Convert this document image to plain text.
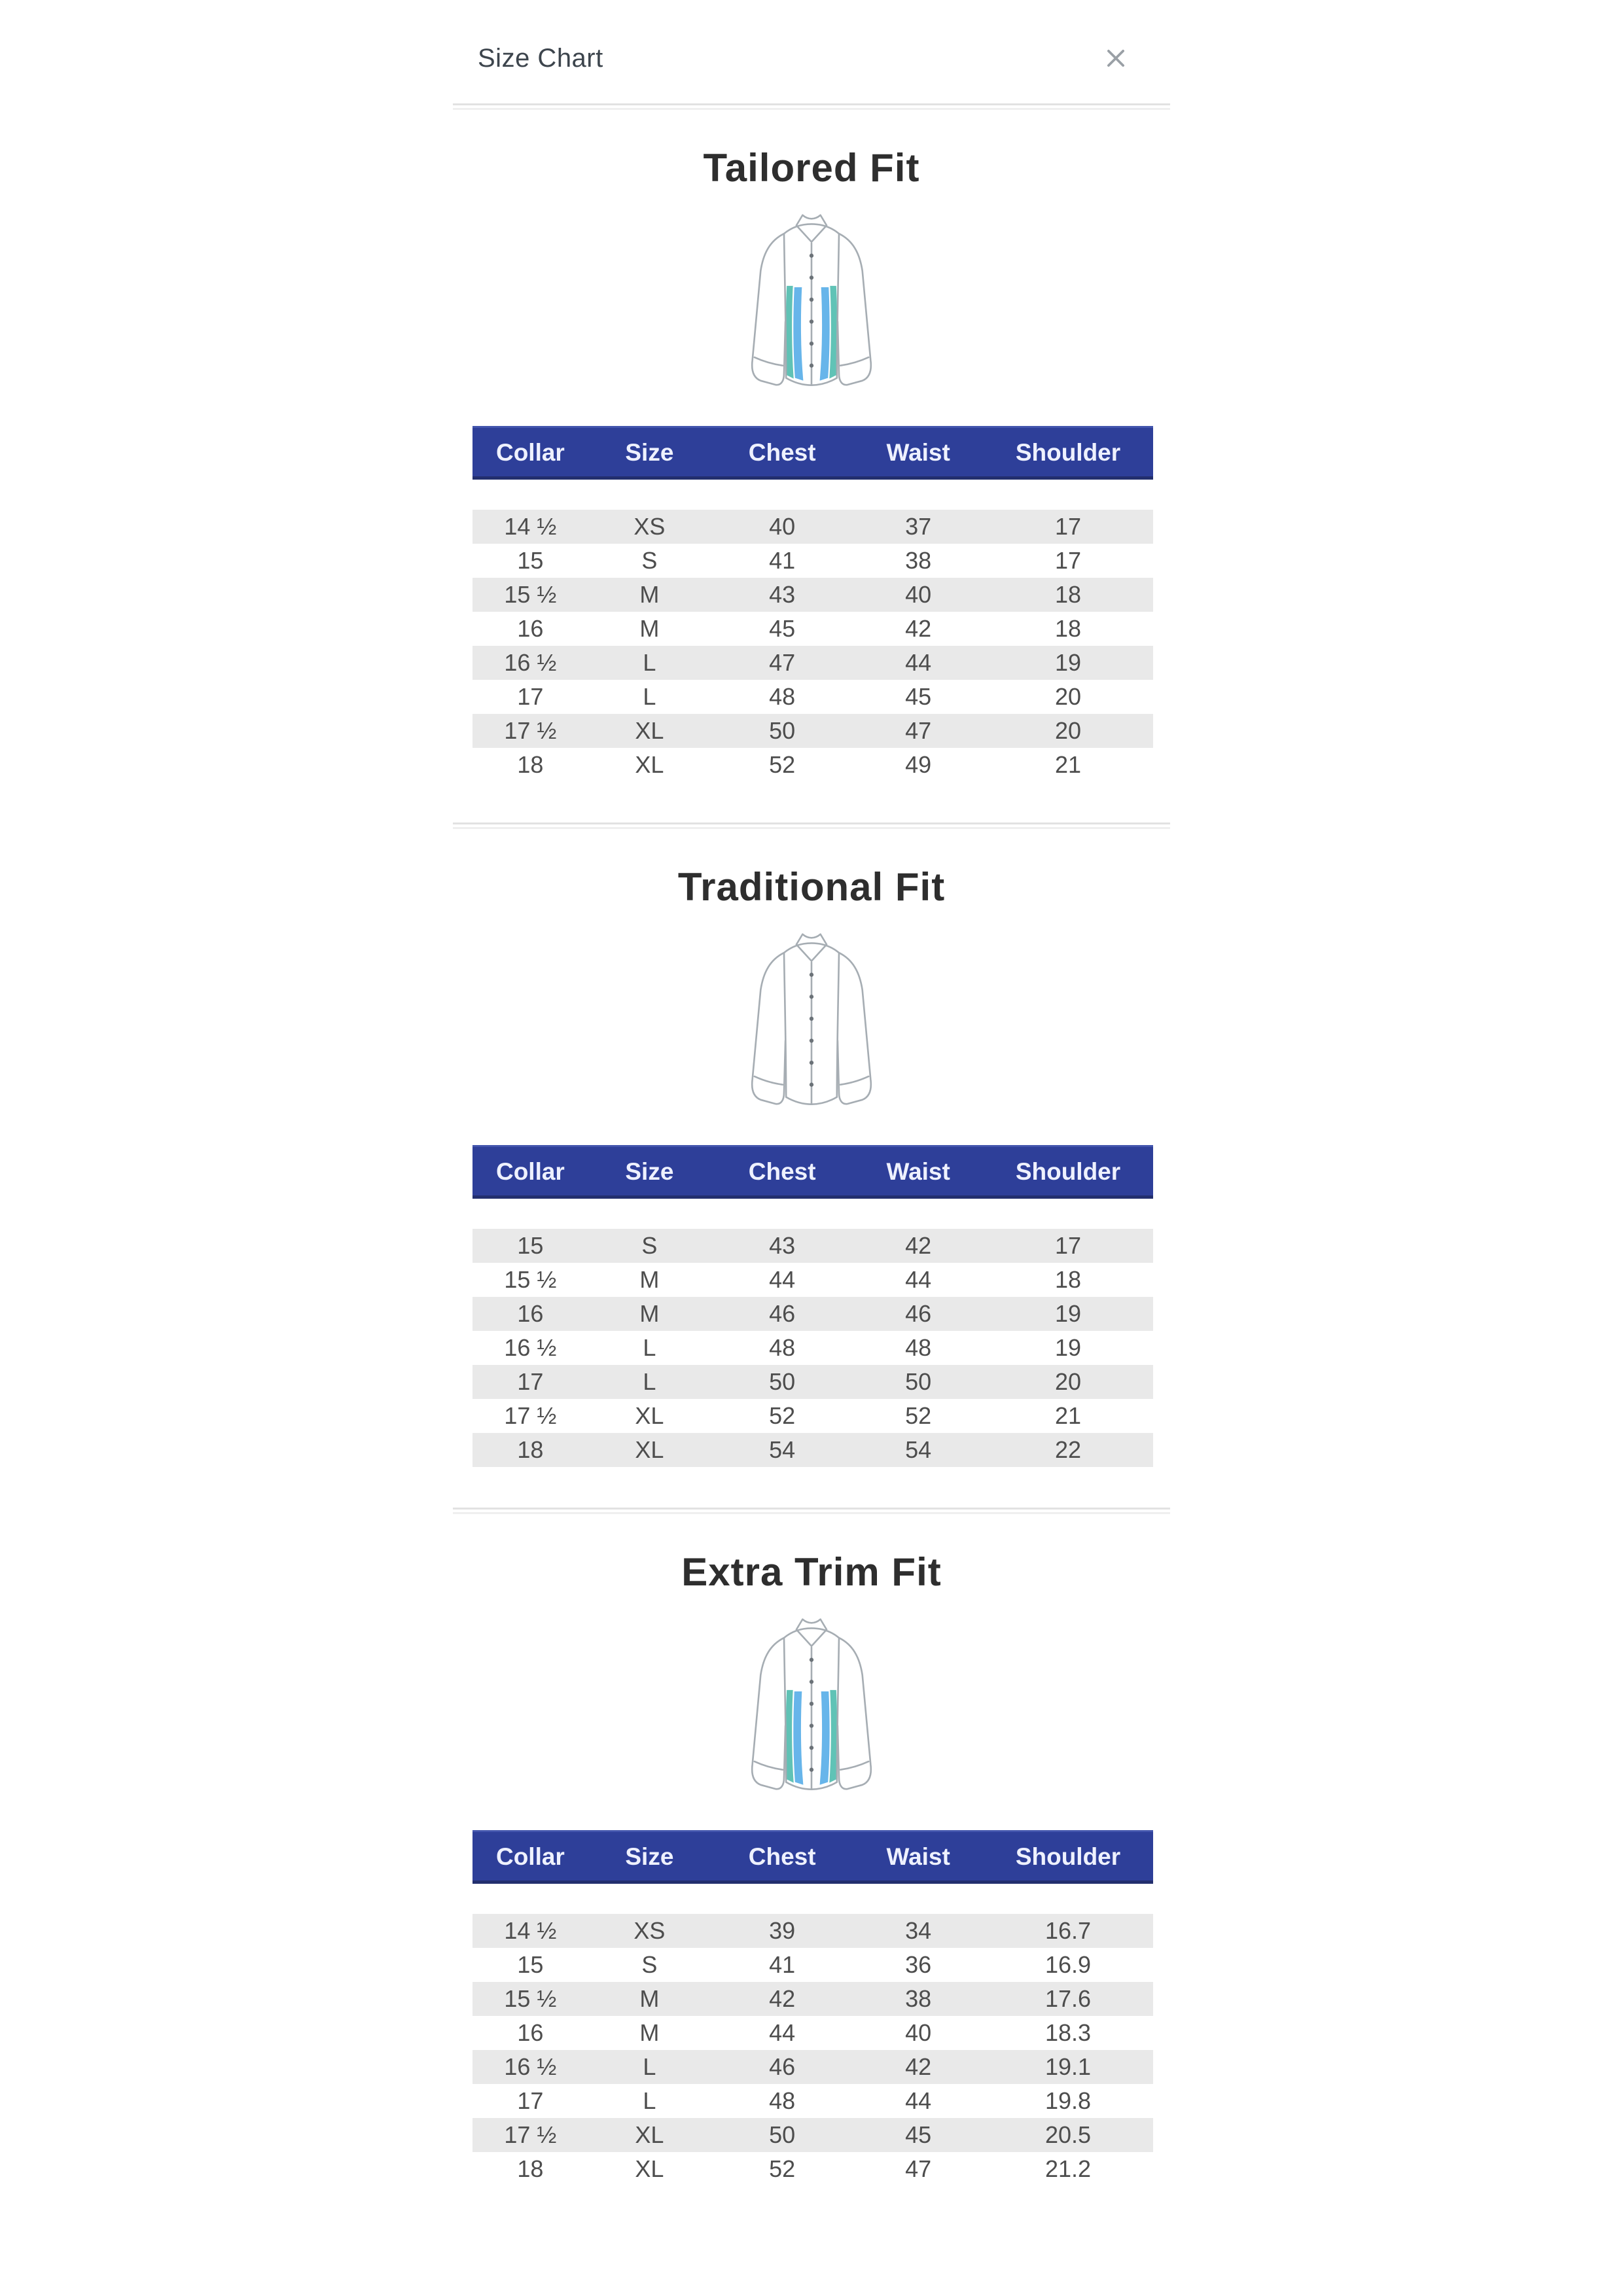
Size Chart
Tailored Fit
Collar	Size	Chest	Waist	Shoulder

14 ½	XS	40	37	17
15	S	41	38	17
15 ½	M	43	40	18
16	M	45	42	18
16 ½	L	47	44	19
17	L	48	45	20
17 ½	XL	50	47	20
18	XL	52	49	21
Traditional Fit
Collar	Size	Chest	Waist	Shoulder

15	S	43	42	17
15 ½	M	44	44	18
16	M	46	46	19
16 ½	L	48	48	19
17	L	50	50	20
17 ½	XL	52	52	21
18	XL	54	54	22
Extra Trim Fit
Collar	Size	Chest	Waist	Shoulder

14 ½	XS	39	34	16.7
15	S	41	36	16.9
15 ½	M	42	38	17.6
16	M	44	40	18.3
16 ½	L	46	42	19.1
17	L	48	44	19.8
17 ½	XL	50	45	20.5
18	XL	52	47	21.2
